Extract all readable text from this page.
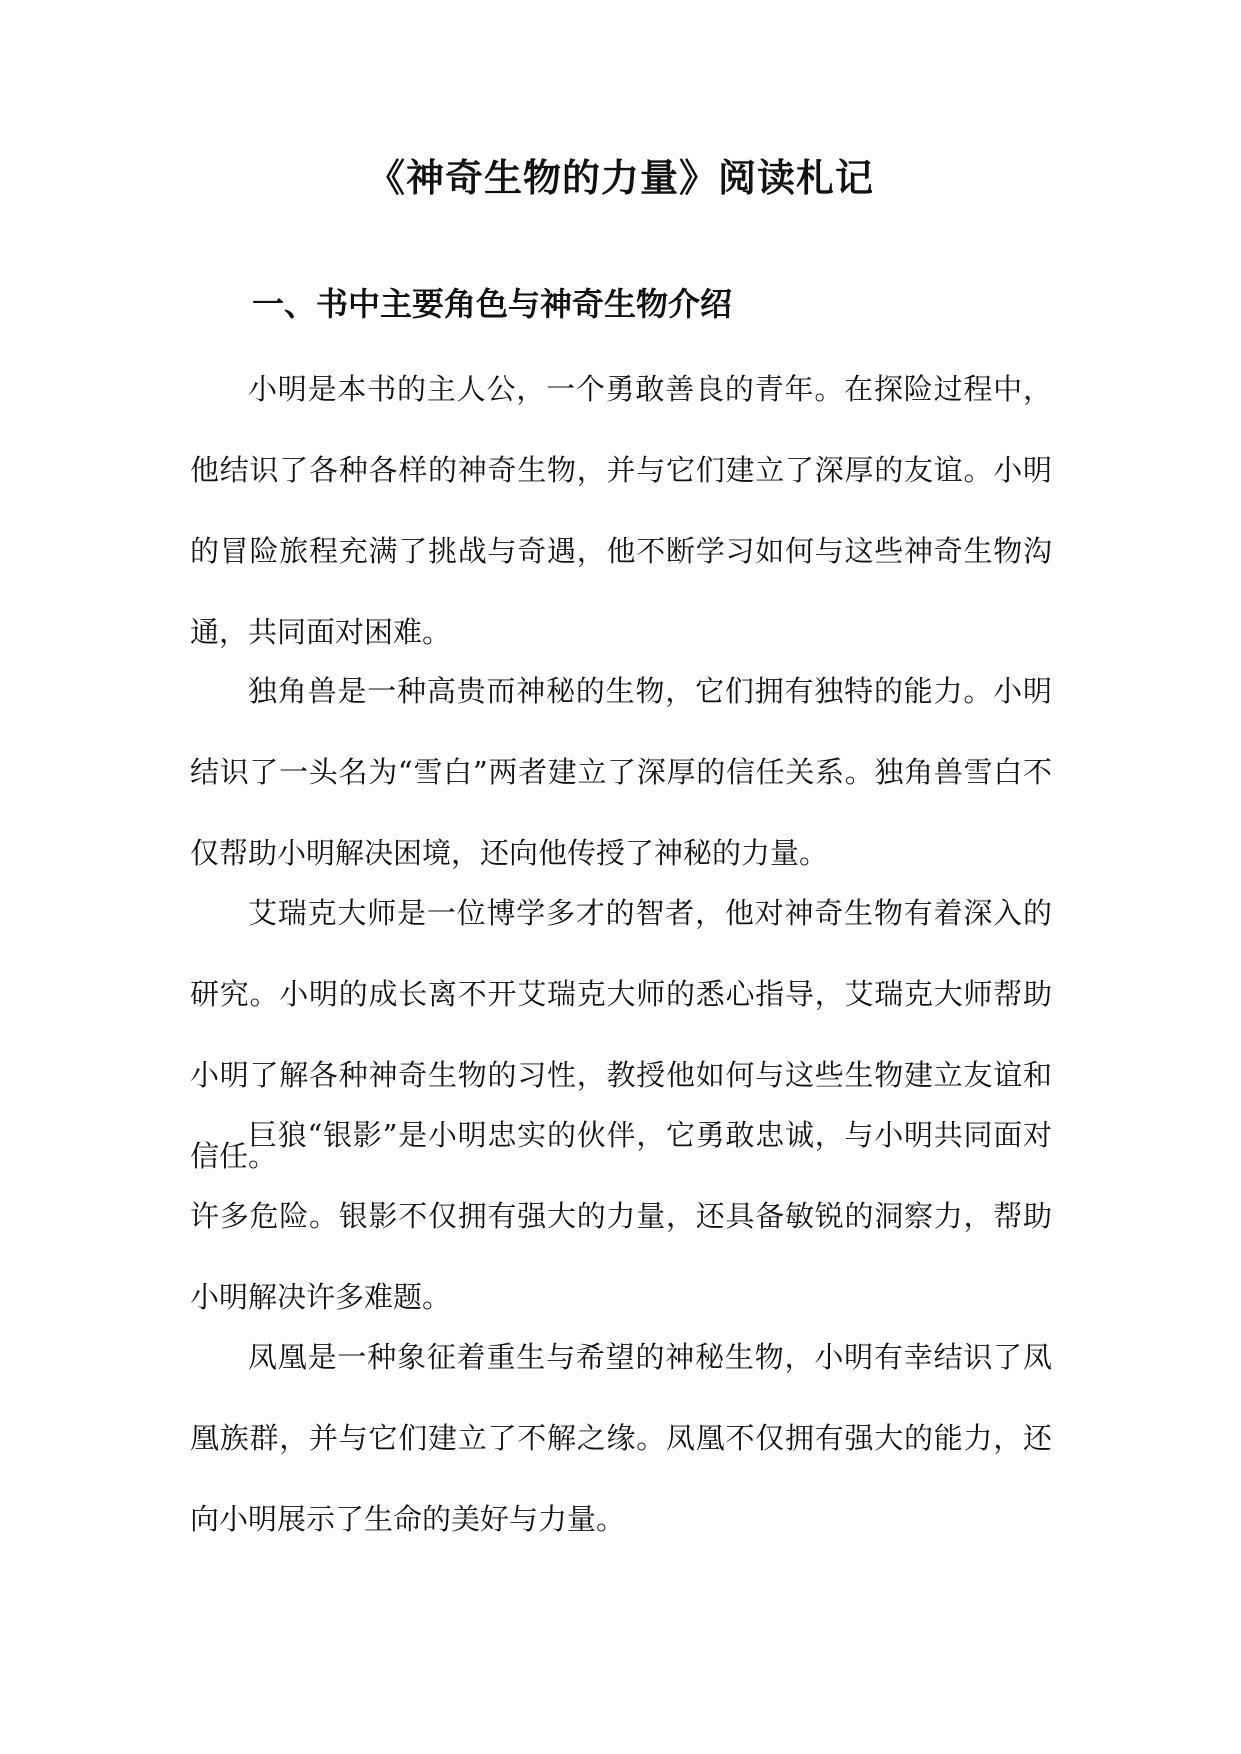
《神奇生物的力量》阅读札记
一、书中主要角色与神奇生物介绍

小明是本书的主人公，一个勇敢善良的青年。在探险过程中，他结识了各种各样的神奇生物，并与它们建立了深厚的友谊。小明的冒险旅程充满了挑战与奇遇，他不断学习如何与这些神奇生物沟通，共同面对困难。

独角兽是一种高贵而神秘的生物，它们拥有独特的能力。小明结识了一头名为“雪白”两者建立了深厚的信任关系。独角兽雪白不仅帮助小明解决困境，还向他传授了神秘的力量。

艾瑞克大师是一位博学多才的智者，他对神奇生物有着深入的研究。小明的成长离不开艾瑞克大师的悉心指导，艾瑞克大师帮助小明了解各种神奇生物的习性，教授他如何与这些生物建立友谊和信任。

巨狼“银影”是小明忠实的伙伴，它勇敢忠诚，与小明共同面对许多危险。银影不仅拥有强大的力量，还具备敏锐的洞察力，帮助小明解决许多难题。

凤凰是一种象征着重生与希望的神秘生物，小明有幸结识了凤凰族群，并与它们建立了不解之缘。凤凰不仅拥有强大的能力，还向小明展示了生命的美好与力量。
